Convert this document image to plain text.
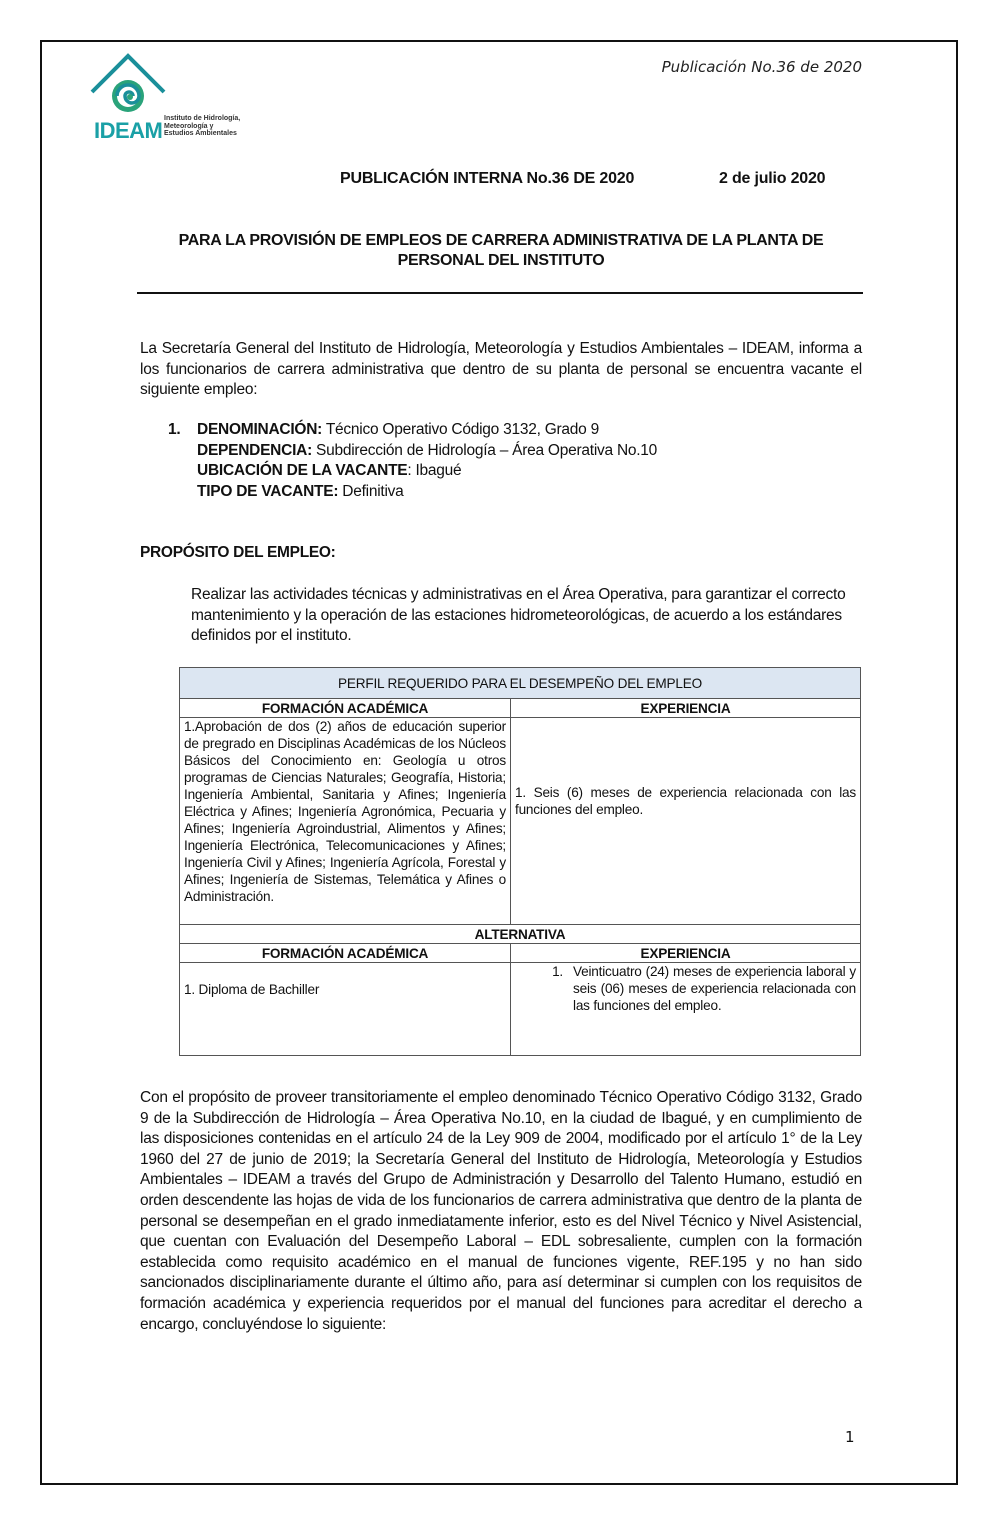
Publicación No.36 de 2020
IDEAM Instituto de Hidrología,
Meteorología y
Estudios Ambientales
PUBLICACIÓN INTERNA No.36 DE 2020	2 de julio 2020
PARA LA PROVISIÓN DE EMPLEOS DE CARRERA ADMINISTRATIVA DE LA PLANTA DE PERSONAL DEL INSTITUTO
La Secretaría General del Instituto de Hidrología, Meteorología y Estudios Ambientales – IDEAM, informa a los funcionarios de carrera administrativa que dentro de su planta de personal se encuentra vacante el siguiente empleo:
1.	DENOMINACIÓN: Técnico Operativo Código 3132, Grado 9
DEPENDENCIA: Subdirección de Hidrología – Área Operativa No.10
UBICACIÓN DE LA VACANTE: Ibagué
TIPO DE VACANTE: Definitiva
PROPÓSITO DEL EMPLEO:
Realizar las actividades técnicas y administrativas en el Área Operativa, para garantizar el correcto mantenimiento y la operación de las estaciones hidrometeorológicas, de acuerdo a los estándares definidos por el instituto.
PERFIL REQUERIDO PARA EL DESEMPEÑO DEL EMPLEO	
FORMACIÓN ACADÉMICA	EXPERIENCIA
1.Aprobación de dos (2) años de educación superior de pregrado en Disciplinas Académicas de los Núcleos Básicos del Conocimiento en: Geología u otros programas de Ciencias Naturales; Geografía, Historia; Ingeniería Ambiental, Sanitaria y Afines; Ingeniería Eléctrica y Afines; Ingeniería Agronómica, Pecuaria y Afines; Ingeniería Agroindustrial, Alimentos y Afines; Ingeniería Electrónica, Telecomunicaciones y Afines; Ingeniería Civil y Afines; Ingeniería Agrícola, Forestal y Afines; Ingeniería de Sistemas, Telemática y Afines o Administración.	1. Seis (6) meses de experiencia relacionada con las funciones del empleo.
ALTERNATIVA	
FORMACIÓN ACADÉMICA	EXPERIENCIA
1. Diploma de Bachiller	1. Veinticuatro (24) meses de experiencia laboral y seis (06) meses de experiencia relacionada con las funciones del empleo.
Con el propósito de proveer transitoriamente el empleo denominado Técnico Operativo Código 3132, Grado 9 de la Subdirección de Hidrología – Área Operativa No.10, en la ciudad de Ibagué, y en cumplimiento de las disposiciones contenidas en el artículo 24 de la Ley 909 de 2004, modificado por el artículo 1° de la Ley 1960 del 27 de junio de 2019; la Secretaría General del Instituto de Hidrología, Meteorología y Estudios Ambientales – IDEAM a través del Grupo de Administración y Desarrollo del Talento Humano, estudió en orden descendente las hojas de vida de los funcionarios de carrera administrativa que dentro de la planta de personal se desempeñan en el grado inmediatamente inferior, esto es del Nivel Técnico y Nivel Asistencial, que cuentan con Evaluación del Desempeño Laboral – EDL sobresaliente, cumplen con la formación establecida como requisito académico en el manual de funciones vigente, REF.195 y no han sido sancionados disciplinariamente durante el último año, para así determinar si cumplen con los requisitos de formación académica y experiencia requeridos por el manual del funciones para acreditar el derecho a encargo, concluyéndose lo siguiente:
1
